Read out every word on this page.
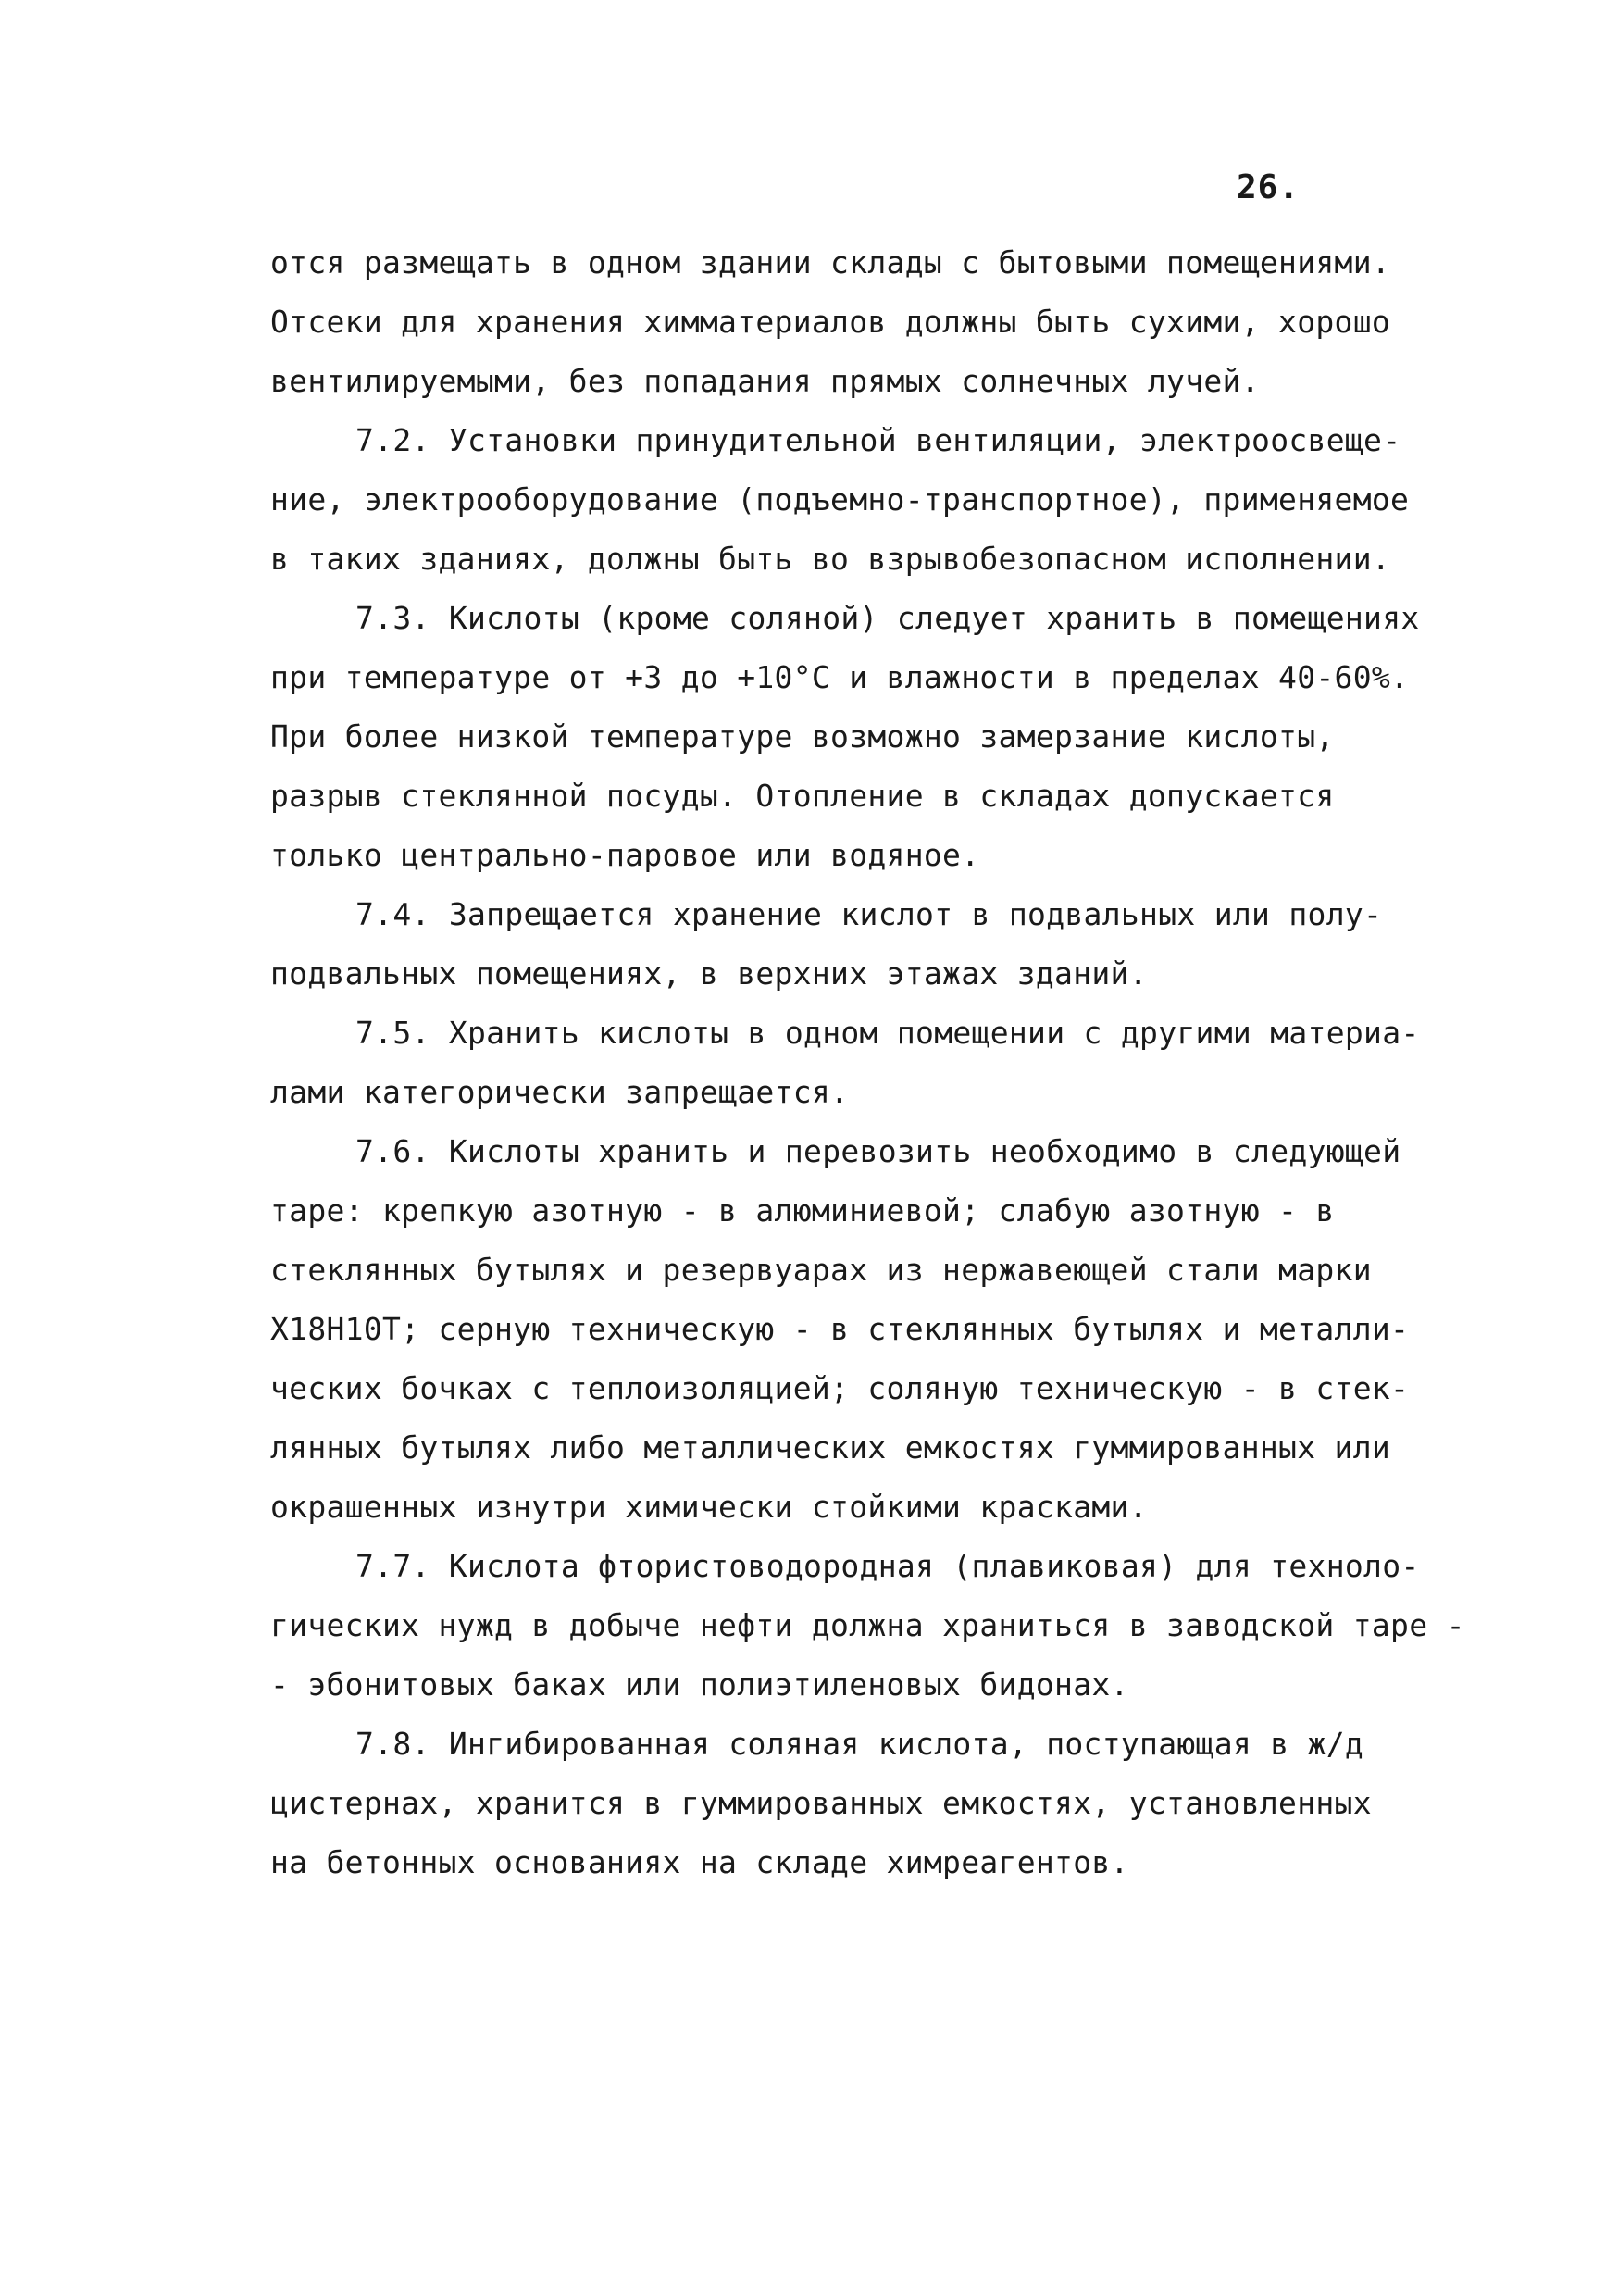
26.
отся размещать в одном здании склады с бытовыми помещениями.
Отсеки для хранения химматериалов должны быть сухими, хорошо
вентилируемыми, без попадания прямых солнечных лучей.
7.2. Установки принудительной вентиляции, электроосвеще-
ние, электрооборудование (подъемно-транспортное), применяемое
в таких зданиях, должны быть во взрывобезопасном исполнении.
7.3. Кислоты (кроме соляной) следует хранить в помещениях
при температуре от +3 до +10°С и влажности в пределах 40-60%.
При более низкой температуре возможно замерзание кислоты,
разрыв стеклянной посуды. Отопление в складах допускается
только центрально-паровое или водяное.
7.4. Запрещается хранение кислот в подвальных или полу-
подвальных помещениях, в верхних этажах зданий.
7.5. Хранить кислоты в одном помещении с другими материа-
лами категорически запрещается.
7.6. Кислоты хранить и перевозить необходимо в следующей
таре: крепкую азотную - в алюминиевой; слабую азотную - в
стеклянных бутылях и резервуарах из нержавеющей стали марки
Х18Н10Т; серную техническую - в стеклянных бутылях и металли-
ческих бочках с теплоизоляцией; соляную техническую - в стек-
лянных бутылях либо металлических емкостях гуммированных или
окрашенных изнутри химически стойкими красками.
7.7. Кислота фтористоводородная (плавиковая) для техноло-
гических нужд в добыче нефти должна храниться в заводской таре -
- эбонитовых баках или полиэтиленовых бидонах.
7.8. Ингибированная соляная кислота, поступающая в ж/д
цистернах, хранится в гуммированных емкостях, установленных
на бетонных основаниях на складе химреагентов.
